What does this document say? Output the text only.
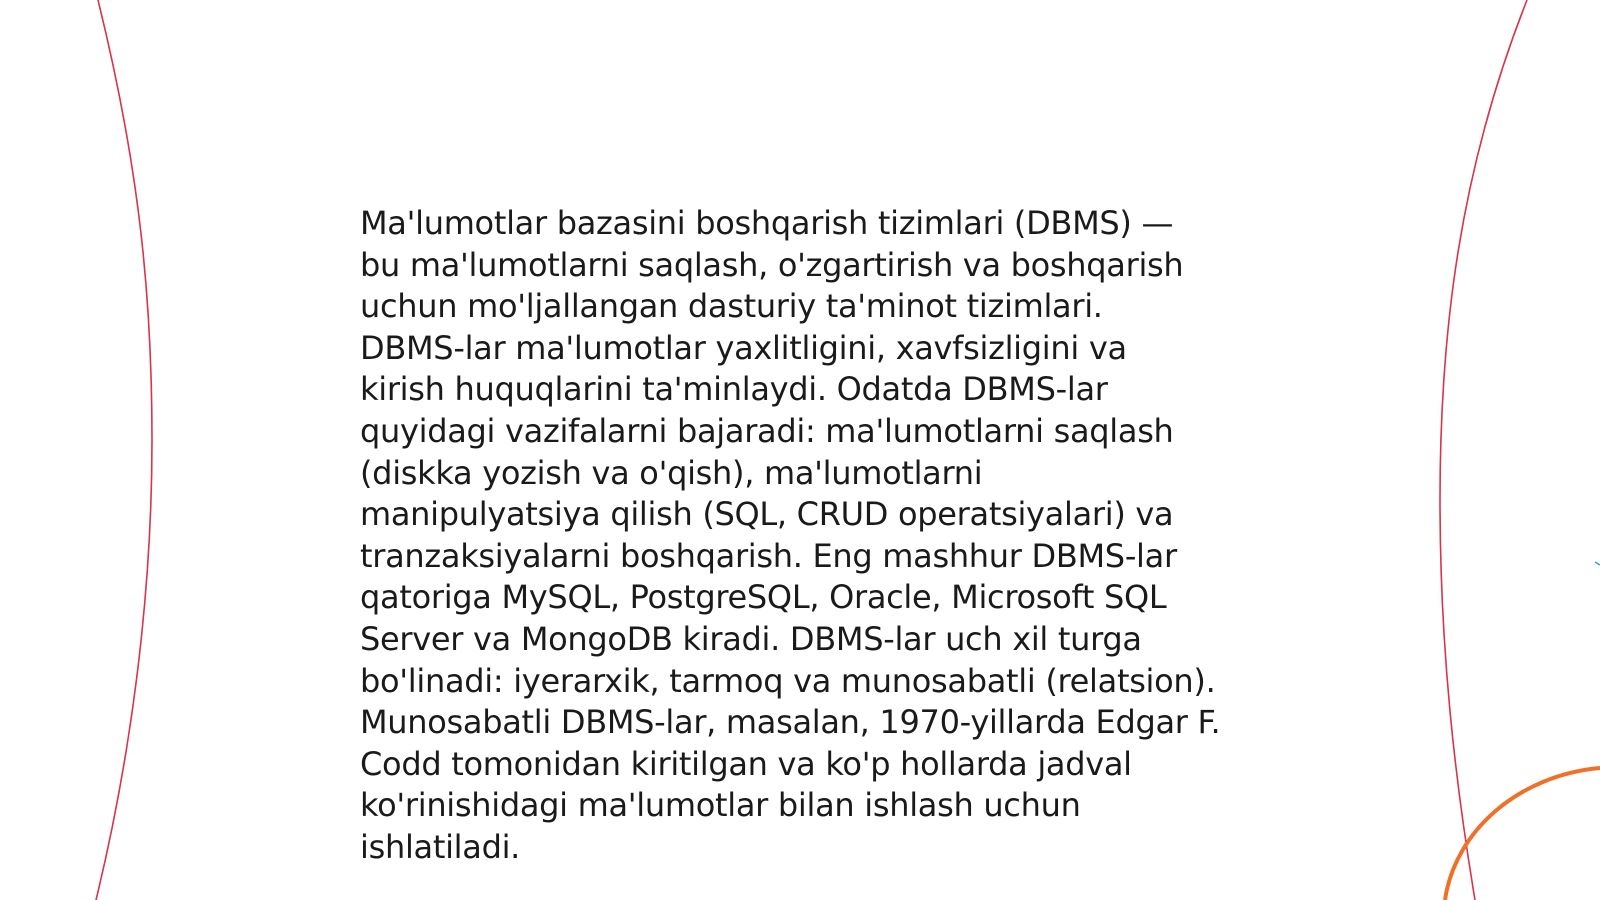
Ma'lumotlar bazasini boshqarish tizimlari (DBMS) —
bu ma'lumotlarni saqlash, o'zgartirish va boshqarish
uchun mo'ljallangan dasturiy ta'minot tizimlari.
DBMS-lar ma'lumotlar yaxlitligini, xavfsizligini va
kirish huquqlarini ta'minlaydi. Odatda DBMS-lar
quyidagi vazifalarni bajaradi: ma'lumotlarni saqlash
(diskka yozish va o'qish), ma'lumotlarni
manipulyatsiya qilish (SQL, CRUD operatsiyalari) va
tranzaksiyalarni boshqarish. Eng mashhur DBMS-lar
qatoriga MySQL, PostgreSQL, Oracle, Microsoft SQL
Server va MongoDB kiradi. DBMS-lar uch xil turga
bo'linadi: iyerarxik, tarmoq va munosabatli (relatsion).
Munosabatli DBMS-lar, masalan, 1970-yillarda Edgar F.
Codd tomonidan kiritilgan va ko'p hollarda jadval
ko'rinishidagi ma'lumotlar bilan ishlash uchun
ishlatiladi.
